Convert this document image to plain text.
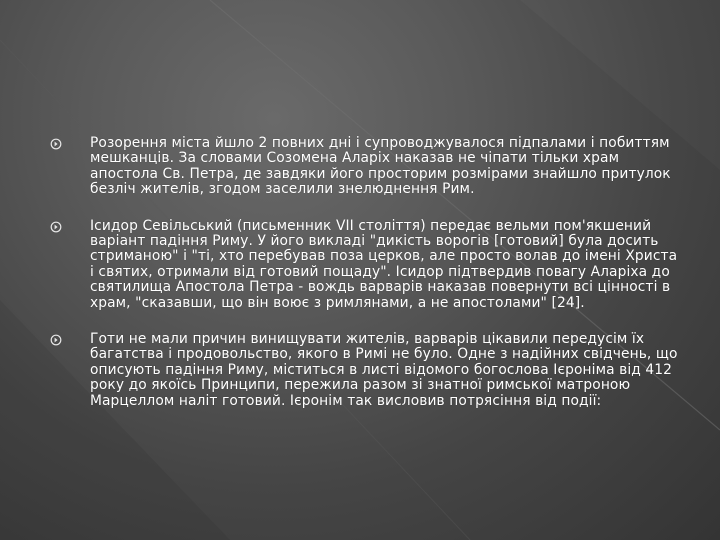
Розорення міста йшло 2 повних дні і супроводжувалося підпалами і побиттям мешканців. За словами Созомена Аларіх наказав не чіпати тільки храм апостола Св. Петра, де завдяки його просторим розмірами знайшло притулок безліч жителів, згодом заселили знелюднення Рим.
Ісидор Севільський (письменник VII століття) передає вельми пом'якшений варіант падіння Риму. У його викладі "дикість ворогів [готовий] була досить стриманою" і "ті, хто перебував поза церков, але просто волав до імені Христа і святих, отримали від готовий пощаду". Ісидор підтвердив повагу Аларіха до святилища Апостола Петра - вождь варварів наказав повернути всі цінності в храм, "сказавши, що він воює з римлянами, а не апостолами" [24].
Готи не мали причин винищувати жителів, варварів цікавили передусім їх багатства і продовольство, якого в Римі не було. Одне з надійних свідчень, що описують падіння Риму, міститься в листі відомого богослова Ієроніма від 412 року до якоїсь Принципи, пережила разом зі знатної римської матроною Марцеллом наліт готовий. Ієронім так висловив потрясіння від події:
